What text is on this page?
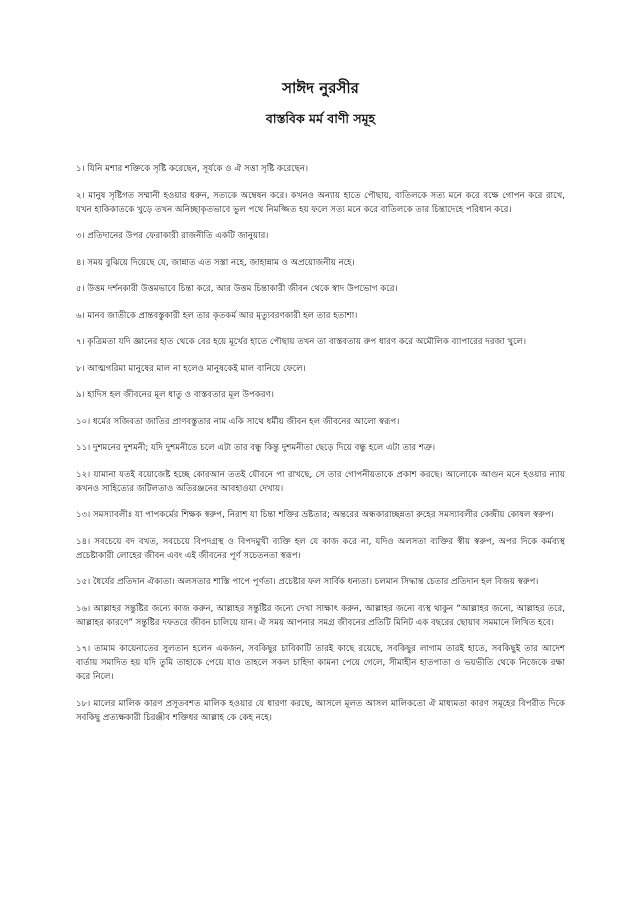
সাঈদ নুরসীর
বাস্তবিক মর্ম বাণী সমূহ
১। যিনি মশার শক্তিকে সৃষ্টি করেছেন, সূর্যকে ও ঐ সত্তা সৃষ্টি করেছেন।
২। মানুষ সৃষ্টিগত সম্মানী হওয়ার ধরুন, সত্যকে অম্বেষন করে। কখনও অন্যায় হাতে পৌছায়, বাতিলকে সত্য মনে করে বক্ষে গোপন করে রাখে, যখন হাকিকাতকে খুড়ে তখন অনিচ্ছাকৃতভাবে ভুল পথে নিমজ্জিত হয় ফলে সত্য মনে করে বাতিলকে তার চিন্তাদেহে পরিধান করে।
৩। প্রতিদানের উপর ফেরাকারী রাজনীতি একটি জানুয়ার।
৪। সময় বুঝিয়ে দিয়েছে যে, জান্নাত এত সস্তা নহে, জাহান্নাম ও অপ্রয়োজনীয় নহে।
৫। উত্তম দর্শনকারী উত্তমভাবে চিন্তা করে, আর উত্তম চিন্তাকারী জীবন থেকে স্বাদ উপভোগ করে।
৬। মানব জাতীকে প্রান্তবস্তুকারী হল তার কৃতকর্ম আর মৃত্যুবরণকারী হল তার হতাশা।
৭। কৃত্রিমতা যদি জ্ঞানের হাত থেকে বের হয়ে মূর্খের হাতে পৌছায় তখন তা বাস্তবতায় রুপ ধারণ করে অমৌলিক ব্যাপারের দরজা খুলে।
৮। আত্মগরিমা মানুষের মাল না হলেও মানুষকেই মাল বানিয়ে ফেলে।
৯। হাদিস হল জীবনের মূল ধাতু ও বাস্তবতার মূল উপকরণ।
১০। ধর্মের সজিবতা জাতির প্রাণবস্তুতার নাম একি সাথে ধর্মীয় জীবন হল জীবনের আলো স্বরূপ।
১১। দুশমনের দুশমনী; যদি দুশমনীতে চলে এটা তার বন্ধু কিন্তু দুশমনীতা ছেড়ে দিয়ে বন্ধু হলে এটা তার শত্রু।
১২। যামানা যতই বয়োজেষ্ট হচ্ছে কোরআন ততই যৌবনে পা রাখছে, সে তার গোপনীয়তাকে প্রকাশ করছে। আলোকে আগুন মনে হওয়ার ন্যায় কখনও সাহিত্যের জটিলতাও অতিরঞ্জনের আবহাওয়া দেখায়।
১৩। সমস্যাবলীঃ যা পাপকর্মের শিক্ষক স্বরুপ, নিরাশ যা চিন্তা শক্তির ভ্রষ্টতার; অন্তরের অন্ধকারাচ্ছন্নতা রুহের সমস্যাবলীর কেন্দ্রীয় কোষল স্বরুপ।
১৪। সবচেয়ে বদ বখত, সবচেয়ে বিপদগ্রস্থ ও বিপদমুখী ব্যক্তি হল যে কাজ করে না, যদিও অলসতা ব্যক্তির স্বীয় স্বরুপ, অপর দিকে কর্মব্যস্থ প্রচেষ্টাকারী লোহের জীবন এবং এই জীবনের পূর্ণ সচেতনতা স্বরূপ।
১৫। ধৈর্যের প্রতিদান ঐক্যতা। অলসতার শাস্তি পাপে পূর্ণতা। প্রচেষ্টার ফল সার্বিক ধন্যতা। চলমান সিদ্ধান্ত চেতার প্রতিদান হল বিজয় স্বরুপ।
১৬। আল্লাহর সন্তুষ্টির জন্যে কাজ করুন, আল্লাহর সন্তুষ্টির জন্যে দেখা সাক্ষাৎ করুন, আল্লাহর জন্যে ব্যস্থ থাকুন “আল্লাহর জন্যে, আল্লাহর তরে, আল্লাহর কারণে” সন্তুষ্টির দফতরে জীবন চালিয়ে যান। ঐ সময় আপনার সমগ্র জীবনের প্রতিটি মিনিট এক বছরের ছোয়াব সমমানে লিখিত হবে।
১৭। তামাম কায়েনাতের সুলতান হলেন একজন, সবকিছুর চাবিকাটি তারই কাছে রয়েছে, সবকিছুর লাগাম তারই হাতে, সবকিছুই তার আদেশ বার্তায় সমাদিত হয় যদি তুমি তাহাকে পেয়ে যাও তাহলে সকল চাহিদা কামনা পেয়ে গেলে, সীমাহীন হাতপাতা ও ভয়ভীতি থেকে নিজেকে রক্ষা করে নিলে।
১৮। মালের মালিক কারণ প্রসূতবশত মালিক হওয়ার যে ধারণা করছে, আসলে মূলত আসল মালিকতো ঐ মাধ্যমতা কারণ সমূহের বিপরীত দিকে সবকিছু প্রত্যক্ষকারী চিরঞ্জীব শক্তিধর আল্লাহ কে কেহ নহে।
